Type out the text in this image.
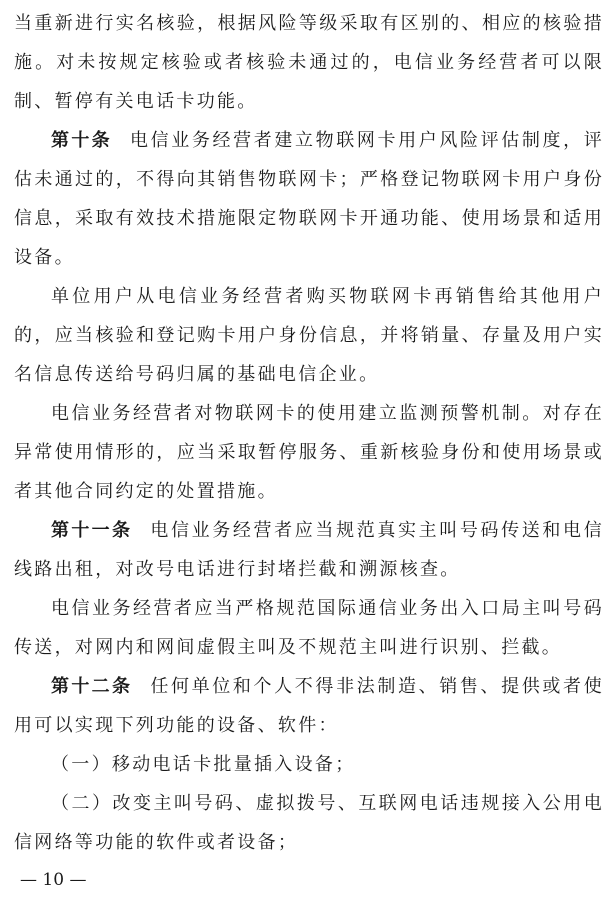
当重新进行实名核验，根据风险等级采取有区别的、相应的核验措施。对未按规定核验或者核验未通过的，电信业务经营者可以限制、暂停有关电话卡功能。

第十条 电信业务经营者建立物联网卡用户风险评估制度，评估未通过的，不得向其销售物联网卡；严格登记物联网卡用户身份信息，采取有效技术措施限定物联网卡开通功能、使用场景和适用设备。

单位用户从电信业务经营者购买物联网卡再销售给其他用户的，应当核验和登记购卡用户身份信息，并将销量、存量及用户实名信息传送给号码归属的基础电信企业。

电信业务经营者对物联网卡的使用建立监测预警机制。对存在异常使用情形的，应当采取暂停服务、重新核验身份和使用场景或者其他合同约定的处置措施。

第十一条 电信业务经营者应当规范真实主叫号码传送和电信线路出租，对改号电话进行封堵拦截和溯源核查。

电信业务经营者应当严格规范国际通信业务出入口局主叫号码传送，对网内和网间虚假主叫及不规范主叫进行识别、拦截。

第十二条 任何单位和个人不得非法制造、销售、提供或者使用可以实现下列功能的设备、软件：

（一）移动电话卡批量插入设备；

（二）改变主叫号码、虚拟拨号、互联网电话违规接入公用电信网络等功能的软件或者设备；

— 10 —
